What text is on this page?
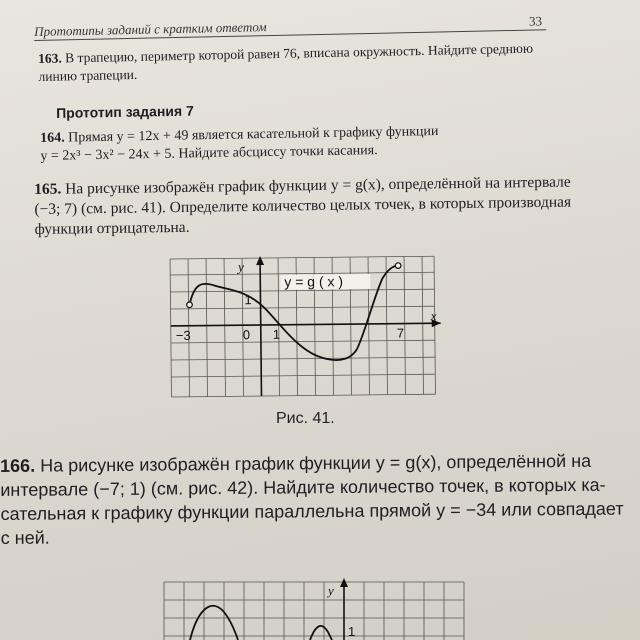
Прототипы заданий с кратким ответом	33

163. В трапецию, периметр которой равен 76, вписана окружность. Найдите среднюю линию трапеции.

Прототип задания 7

164. Прямая y = 12x + 49 является касательной к графику функции
y = 2x³ − 3x² − 24x + 5. Найдите абсциссу точки касания.

165. На рисунке изображён график функции y = g(x), определённой на интервале (−3; 7) (см. рис. 41). Определите количество целых точек, в которых производная функции отрицательна.

y = g ( x )
y
x
1
−3	0 1	7

Рис. 41.

166. На рисунке изображён график функции y = g(x), определённой на
интервале (−7; 1) (см. рис. 42). Найдите количество точек, в которых ка-
сательная к графику функции параллельна прямой y = −34 или совпадает
с ней.

y
1
